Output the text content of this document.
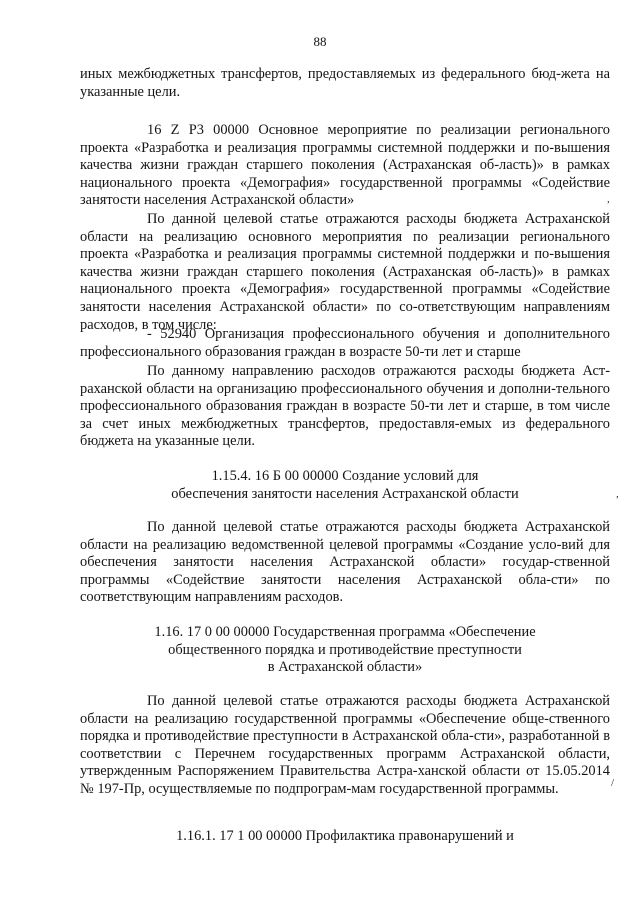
88
иных межбюджетных трансфертов, предоставляемых из федерального бюд-жета на указанные цели.
16 Z P3 00000 Основное мероприятие по реализации регионального проекта «Разработка и реализация программы системной поддержки и по-вышения качества жизни граждан старшего поколения (Астраханская об-ласть)» в рамках национального проекта «Демография» государственной программы «Содействие занятости населения Астраханской области»
По данной целевой статье отражаются расходы бюджета Астраханской области на реализацию основного мероприятия по реализации регионального проекта «Разработка и реализация программы системной поддержки и по-вышения качества жизни граждан старшего поколения (Астраханская об-ласть)» в рамках национального проекта «Демография» государственной программы «Содействие занятости населения Астраханской области» по со-ответствующим направлениям расходов, в том числе:
- 52940 Организация профессионального обучения и дополнительного профессионального образования граждан в возрасте 50-ти лет и старше
По данному направлению расходов отражаются расходы бюджета Аст-раханской области на организацию профессионального обучения и дополни-тельного профессионального образования граждан в возрасте 50-ти лет и старше, в том числе за счет иных межбюджетных трансфертов, предоставля-емых из федерального бюджета на указанные цели.
1.15.4. 16 Б 00 00000 Создание условий для
обеспечения занятости населения Астраханской области
По данной целевой статье отражаются расходы бюджета Астраханской области на реализацию ведомственной целевой программы «Создание усло-вий для обеспечения занятости населения Астраханской области» государ-ственной программы «Содействие занятости населения Астраханской обла-сти» по соответствующим направлениям расходов.
1.16. 17 0 00 00000 Государственная программа «Обеспечение
общественного порядка и противодействие преступности
в Астраханской области»
По данной целевой статье отражаются расходы бюджета Астраханской области на реализацию государственной программы «Обеспечение обще-ственного порядка и противодействие преступности в Астраханской обла-сти», разработанной в соответствии с Перечнем государственных программ Астраханской области, утвержденным Распоряжением Правительства Астра-ханской области от 15.05.2014 № 197-Пр, осуществляемые по подпрограм-мам государственной программы.
1.16.1. 17 1 00 00000 Профилактика правонарушений и
,
,
/
